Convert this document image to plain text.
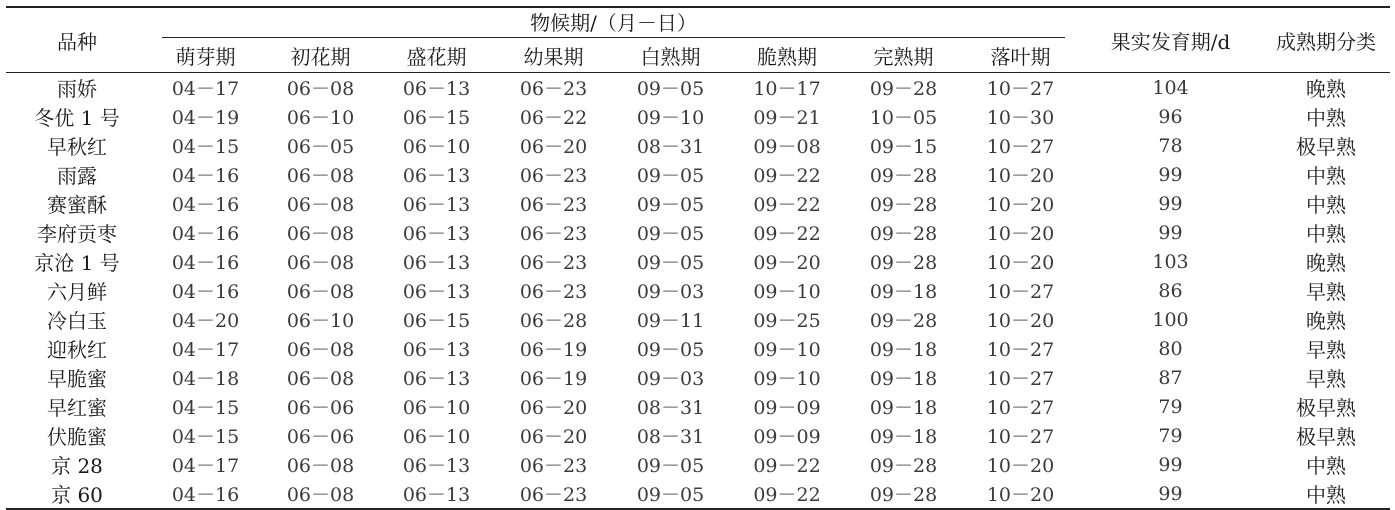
品种	物候期/（月－日）								果实发育期/d	成熟期分类
	萌芽期	初花期	盛花期	幼果期	白熟期	脆熟期	完熟期	落叶期		
雨娇	04－17	06－08	06－13	06－23	09－05	10－17	09－28	10－27	104	晚熟
冬优 1 号	04－19	06－10	06－15	06－22	09－10	09－21	10－05	10－30	96	中熟
早秋红	04－15	06－05	06－10	06－20	08－31	09－08	09－15	10－27	78	极早熟
雨露	04－16	06－08	06－13	06－23	09－05	09－22	09－28	10－20	99	中熟
赛蜜酥	04－16	06－08	06－13	06－23	09－05	09－22	09－28	10－20	99	中熟
李府贡枣	04－16	06－08	06－13	06－23	09－05	09－22	09－28	10－20	99	中熟
京沧 1 号	04－16	06－08	06－13	06－23	09－05	09－20	09－28	10－20	103	晚熟
六月鲜	04－16	06－08	06－13	06－23	09－03	09－10	09－18	10－27	86	早熟
冷白玉	04－20	06－10	06－15	06－28	09－11	09－25	09－28	10－20	100	晚熟
迎秋红	04－17	06－08	06－13	06－19	09－05	09－10	09－18	10－27	80	早熟
早脆蜜	04－18	06－08	06－13	06－19	09－03	09－10	09－18	10－27	87	早熟
早红蜜	04－15	06－06	06－10	06－20	08－31	09－09	09－18	10－27	79	极早熟
伏脆蜜	04－15	06－06	06－10	06－20	08－31	09－09	09－18	10－27	79	极早熟
京 28	04－17	06－08	06－13	06－23	09－05	09－22	09－28	10－20	99	中熟
京 60	04－16	06－08	06－13	06－23	09－05	09－22	09－28	10－20	99	中熟
